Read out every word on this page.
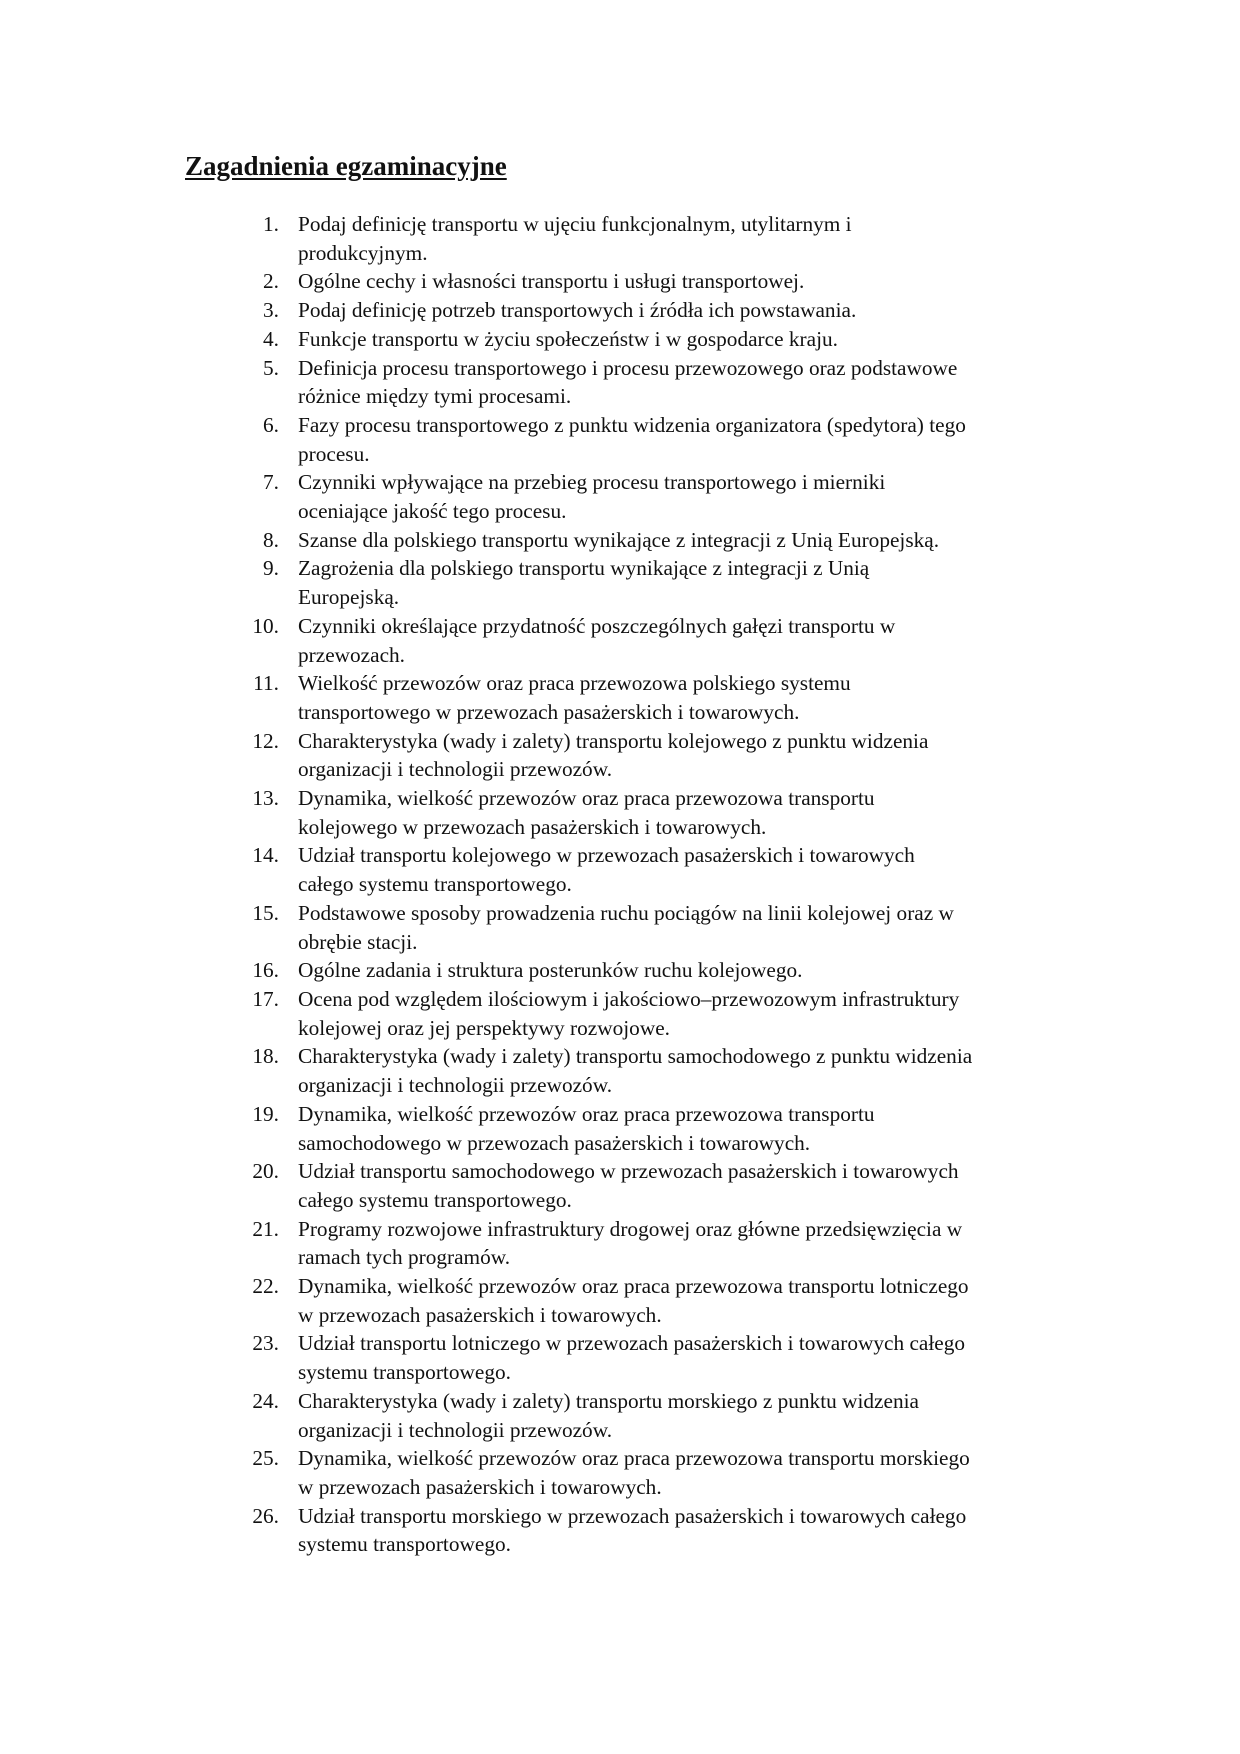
Zagadnienia egzaminacyjne
1. Podaj definicję transportu w ujęciu funkcjonalnym, utylitarnym i
produkcyjnym.
2. Ogólne cechy i własności transportu i usługi transportowej.
3. Podaj definicję potrzeb transportowych i źródła ich powstawania.
4. Funkcje transportu w życiu społeczeństw i w gospodarce kraju.
5. Definicja procesu transportowego i procesu przewozowego oraz podstawowe
różnice między tymi procesami.
6. Fazy procesu transportowego z punktu widzenia organizatora (spedytora) tego
procesu.
7. Czynniki wpływające na przebieg procesu transportowego i mierniki
oceniające jakość tego procesu.
8. Szanse dla polskiego transportu wynikające z integracji z Unią Europejską.
9. Zagrożenia dla polskiego transportu wynikające z integracji z Unią
Europejską.
10. Czynniki określające przydatność poszczególnych gałęzi transportu w
przewozach.
11. Wielkość przewozów oraz praca przewozowa polskiego systemu
transportowego w przewozach pasażerskich i towarowych.
12. Charakterystyka (wady i zalety) transportu kolejowego z punktu widzenia
organizacji i technologii przewozów.
13. Dynamika, wielkość przewozów oraz praca przewozowa transportu
kolejowego w przewozach pasażerskich i towarowych.
14. Udział transportu kolejowego w przewozach pasażerskich i towarowych
całego systemu transportowego.
15. Podstawowe sposoby prowadzenia ruchu pociągów na linii kolejowej oraz w
obrębie stacji.
16. Ogólne zadania i struktura posterunków ruchu kolejowego.
17. Ocena pod względem ilościowym i jakościowo–przewozowym infrastruktury
kolejowej oraz jej perspektywy rozwojowe.
18. Charakterystyka (wady i zalety) transportu samochodowego z punktu widzenia
organizacji i technologii przewozów.
19. Dynamika, wielkość przewozów oraz praca przewozowa transportu
samochodowego w przewozach pasażerskich i towarowych.
20. Udział transportu samochodowego w przewozach pasażerskich i towarowych
całego systemu transportowego.
21. Programy rozwojowe infrastruktury drogowej oraz główne przedsięwzięcia w
ramach tych programów.
22. Dynamika, wielkość przewozów oraz praca przewozowa transportu lotniczego
w przewozach pasażerskich i towarowych.
23. Udział transportu lotniczego w przewozach pasażerskich i towarowych całego
systemu transportowego.
24. Charakterystyka (wady i zalety) transportu morskiego z punktu widzenia
organizacji i technologii przewozów.
25. Dynamika, wielkość przewozów oraz praca przewozowa transportu morskiego
w przewozach pasażerskich i towarowych.
26. Udział transportu morskiego w przewozach pasażerskich i towarowych całego
systemu transportowego.
